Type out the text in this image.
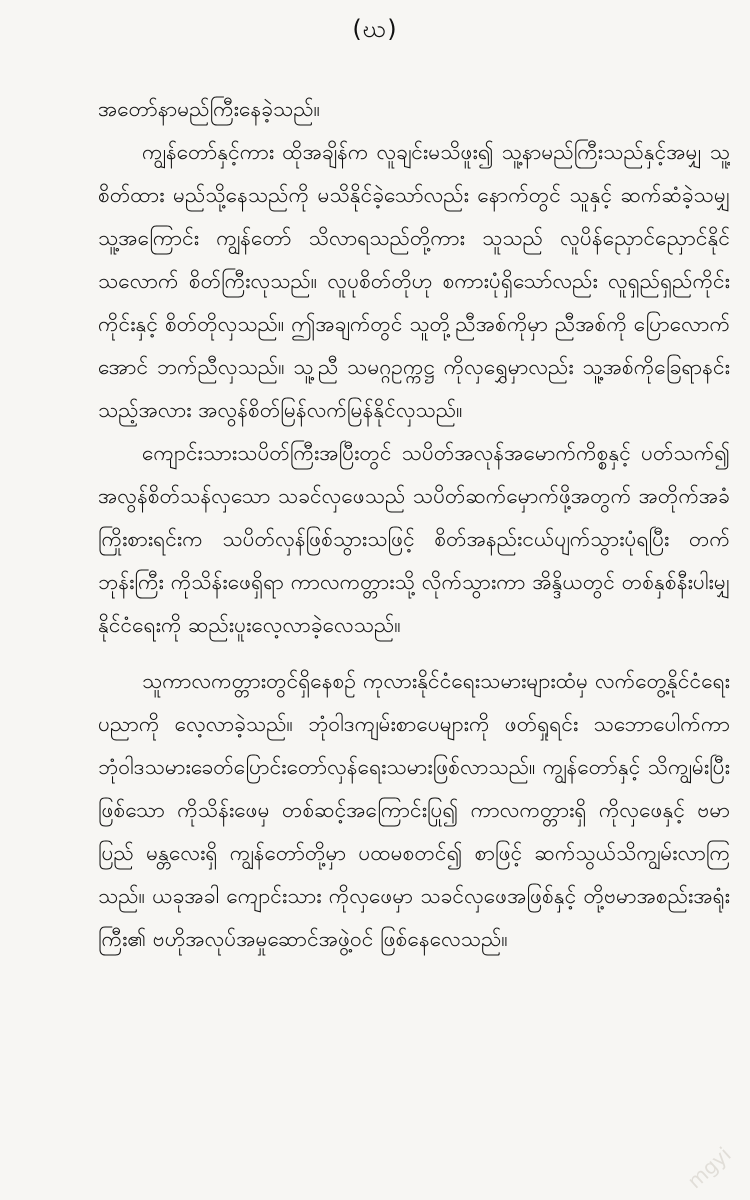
(ဃ)

အတော်နာမည်ကြီးနေခဲ့သည်။

ကျွန်တော်နှင့်ကား ထိုအချိန်က လူချင်းမသိဖူး၍ သူ့နာမည်ကြီးသည်နှင့်အမျှ သူ့စိတ်ထား မည်သို့နေသည်ကို မသိနိုင်ခဲ့သော်လည်း နောက်တွင် သူနှင့် ဆက်ဆံခဲ့သမျှ သူ့အကြောင်း ကျွန်တော် သိလာရသည်တို့ကား သူသည် လူပိန်ညှောင်ညှောင်နိုင်သလောက် စိတ်ကြီးလုသည်။ လူပုစိတ်တိုဟု စကားပုံရှိသော်လည်း လူရှည်ရှည်ကိုင်းကိုင်းနှင့် စိတ်တိုလှသည်။ ဤအချက်တွင် သူတို့ညီအစ်ကိုမှာ ညီအစ်ကို ပြောလောက်အောင် ဘက်ညီလှသည်။ သူ့ညီ သမဂ္ဂဥက္ကဋ္ဌ ကိုလှရွှေမှာလည်း သူ့အစ်ကိုခြေရာနင်းသည့်အလား အလွန်စိတ်မြန်လက်မြန်နိုင်လှသည်။

ကျောင်းသားသပိတ်ကြီးအပြီးတွင် သပိတ်အလုန်အမောက်ကိစ္စနှင့် ပတ်သက်၍ အလွန်စိတ်သန်လှသော သခင်လှဖေသည် သပိတ်ဆက်မှောက်ဖို့အတွက် အတိုက်အခံ ကြိုးစားရင်းက သပိတ်လှန်ဖြစ်သွားသဖြင့် စိတ်အနည်းငယ်ပျက်သွားပုံရပြီး တက်ဘုန်းကြီး ကိုသိန်းဖေရှိရာ ကာလကတ္တားသို့ လိုက်သွားကာ အိန္ဒိယတွင် တစ်နှစ်နီးပါးမျှ နိုင်ငံရေးကို ဆည်းပူးလေ့လာခဲ့လေသည်။

သူကာလကတ္တားတွင်ရှိနေစဉ် ကုလားနိုင်ငံရေးသမားများထံမှ လက်တွေ့နိုင်ငံရေးပညာကို လေ့လာခဲ့သည်။ ဘုံဝါဒကျမ်းစာပေများကို ဖတ်ရှုရင်း သဘောပေါက်ကာ ဘုံဝါဒသမားခေတ်ပြောင်းတော်လှန်ရေးသမားဖြစ်လာသည်။ ကျွန်တော်နှင့် သိကျွမ်းပြီးဖြစ်သော ကိုသိန်းဖေမှ တစ်ဆင့်အကြောင်းပြု၍ ကာလကတ္တားရှိ ကိုလှဖေနှင့် ဗမာပြည် မန္တလေးရှိ ကျွန်တော်တို့မှာ ပထမစတင်၍ စာဖြင့် ဆက်သွယ်သိကျွမ်းလာကြသည်။ ယခုအခါ ကျောင်းသား ကိုလှဖေမှာ သခင်လှဖေအဖြစ်နှင့် တို့ဗမာအစည်းအရုံးကြီး၏ ဗဟိုအလုပ်အမှုဆောင်အဖွဲ့ဝင် ဖြစ်နေလေသည်။

mgyi
